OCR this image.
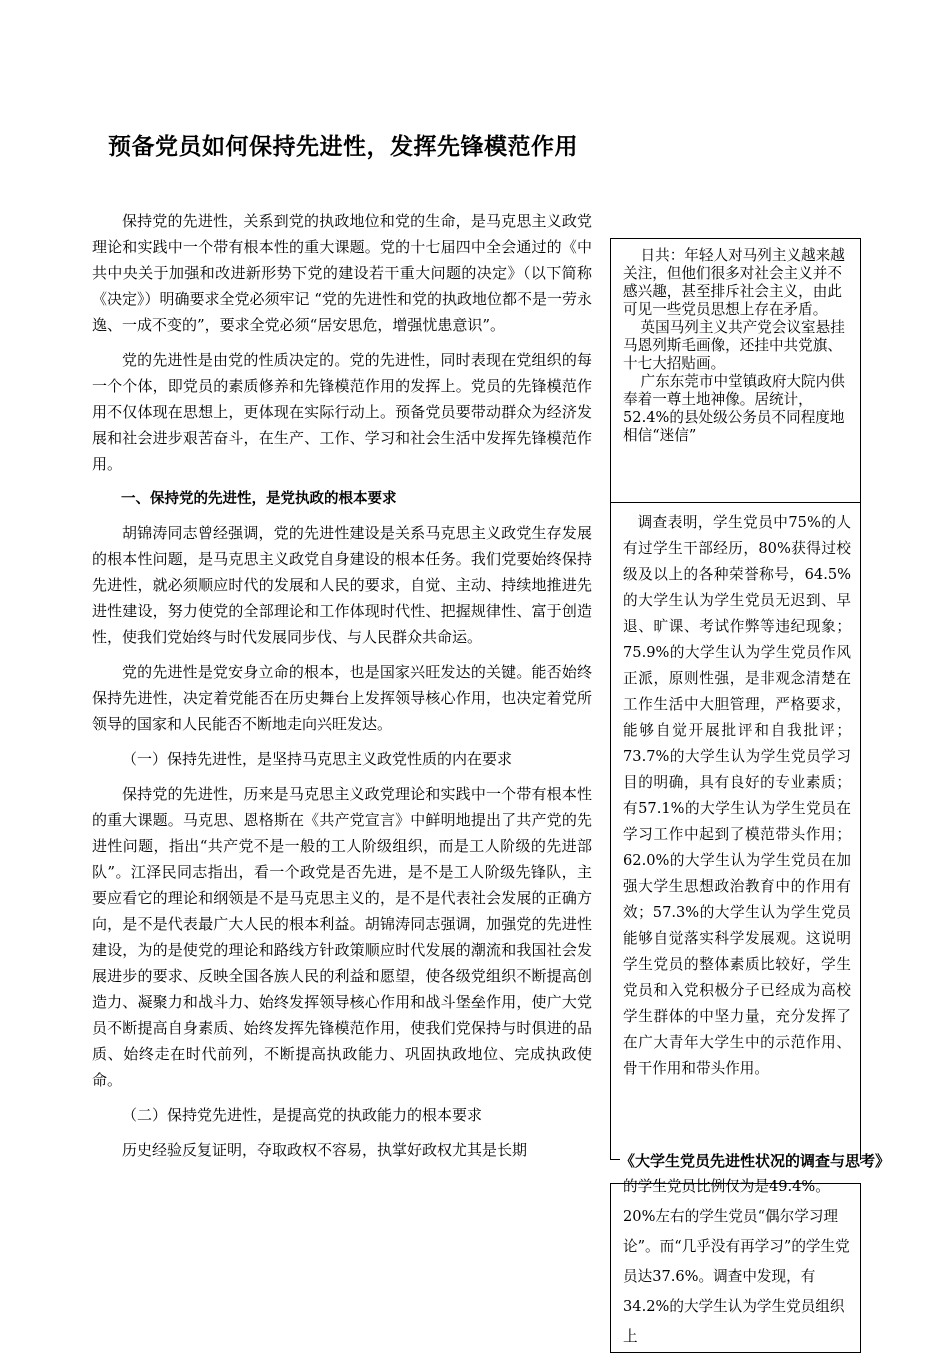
预备党员如何保持先进性，发挥先锋模范作用

保持党的先进性，关系到党的执政地位和党的生命，是马克思主义政党理论和实践中一个带有根本性的重大课题。党的十七届四中全会通过的《中共中央关于加强和改进新形势下党的建设若干重大问题的决定》（以下简称《决定》）明确要求全党必须牢记 “党的先进性和党的执政地位都不是一劳永逸、一成不变的”，要求全党必须“居安思危，增强忧患意识”。

党的先进性是由党的性质决定的。党的先进性，同时表现在党组织的每一个个体，即党员的素质修养和先锋模范作用的发挥上。党员的先锋模范作用不仅体现在思想上，更体现在实际行动上。预备党员要带动群众为经济发展和社会进步艰苦奋斗，在生产、工作、学习和社会生活中发挥先锋模范作用。

一、保持党的先进性，是党执政的根本要求

胡锦涛同志曾经强调，党的先进性建设是关系马克思主义政党生存发展的根本性问题，是马克思主义政党自身建设的根本任务。我们党要始终保持先进性，就必须顺应时代的发展和人民的要求，自觉、主动、持续地推进先进性建设，努力使党的全部理论和工作体现时代性、把握规律性、富于创造性，使我们党始终与时代发展同步伐、与人民群众共命运。

党的先进性是党安身立命的根本，也是国家兴旺发达的关键。能否始终保持先进性，决定着党能否在历史舞台上发挥领导核心作用，也决定着党所领导的国家和人民能否不断地走向兴旺发达。

（一）保持先进性，是坚持马克思主义政党性质的内在要求

保持党的先进性，历来是马克思主义政党理论和实践中一个带有根本性的重大课题。马克思、恩格斯在《共产党宣言》中鲜明地提出了共产党的先进性问题，指出“共产党不是一般的工人阶级组织，而是工人阶级的先进部队”。江泽民同志指出，看一个政党是否先进，是不是工人阶级先锋队，主要应看它的理论和纲领是不是马克思主义的，是不是代表社会发展的正确方向，是不是代表最广大人民的根本利益。胡锦涛同志强调，加强党的先进性建设，为的是使党的理论和路线方针政策顺应时代发展的潮流和我国社会发展进步的要求、反映全国各族人民的利益和愿望，使各级党组织不断提高创造力、凝聚力和战斗力、始终发挥领导核心作用和战斗堡垒作用，使广大党员不断提高自身素质、始终发挥先锋模范作用，使我们党保持与时俱进的品质、始终走在时代前列，不断提高执政能力、巩固执政地位、完成执政使命。

（二）保持党先进性，是提高党的执政能力的根本要求

历史经验反复证明，夺取政权不容易，执掌好政权尤其是长期

日共：年轻人对马列主义越来越关注，但他们很多对社会主义并不感兴趣，甚至排斥社会主义，由此可见一些党员思想上存在矛盾。

英国马列主义共产党会议室悬挂马恩列斯毛画像，还挂中共党旗、十七大招贴画。

广东东莞市中堂镇政府大院内供奉着一尊土地神像。居统计，52.4%的县处级公务员不同程度地相信“迷信”

调查表明，学生党员中75%的人有过学生干部经历，80%获得过校级及以上的各种荣誉称号，64.5%的大学生认为学生党员无迟到、早退、旷课、考试作弊等违纪现象；75.9%的大学生认为学生党员作风正派，原则性强，是非观念清楚在工作生活中大胆管理，严格要求，能够自觉开展批评和自我批评；73.7%的大学生认为学生党员学习目的明确，具有良好的专业素质；有57.1%的大学生认为学生党员在学习工作中起到了模范带头作用；62.0%的大学生认为学生党员在加强大学生思想政治教育中的作用有效；57.3%的大学生认为学生党员能够自觉落实科学发展观。这说明学生党员的整体素质比较好，学生党员和入党积极分子已经成为高校学生群体的中坚力量，充分发挥了在广大青年大学生中的示范作用、骨干作用和带头作用。

《大学生党员先进性状况的调查与思考》

的学生党员比例仅为是49.4%。20%左右的学生党员“偶尔学习理论”。而“几乎没有再学习”的学生党员达37.6%。调查中发现，有34.2%的大学生认为学生党员组织上
